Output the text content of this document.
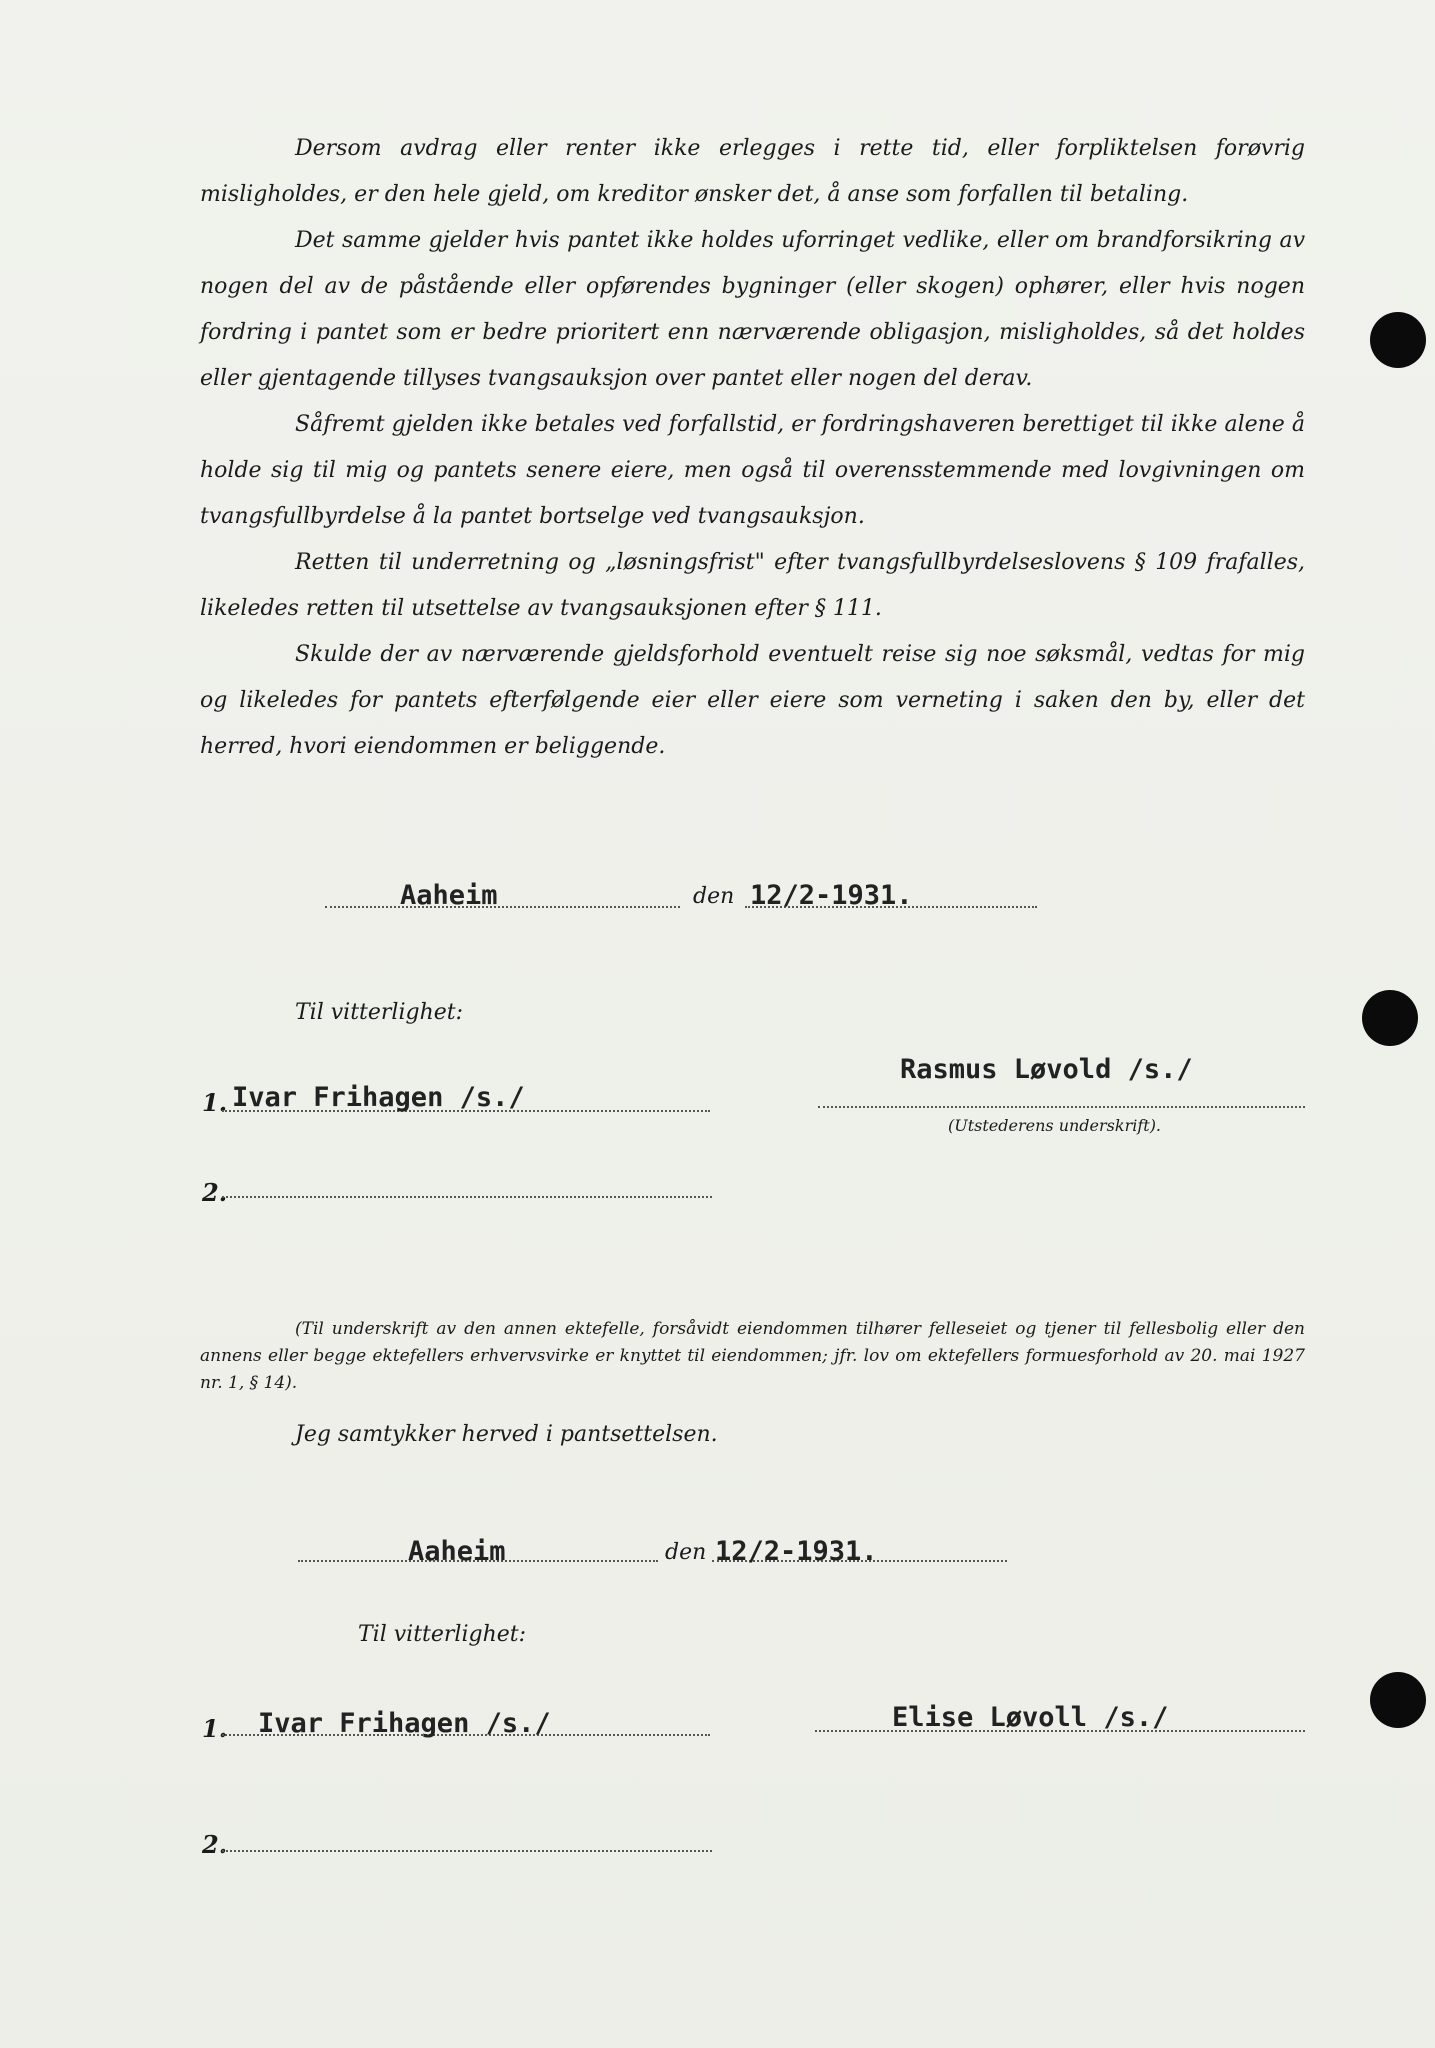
Dersom avdrag eller renter ikke erlegges i rette tid, eller forpliktelsen forøvrig misligholdes, er den hele gjeld, om kreditor ønsker det, å anse som forfallen til betaling.
Det samme gjelder hvis pantet ikke holdes uforringet vedlike, eller om brandforsikring av nogen del av de påstående eller opførendes bygninger (eller skogen) ophører, eller hvis nogen fordring i pantet som er bedre prioritert enn nærværende obligasjon, misligholdes, så det holdes eller gjentagende tillyses tvangsauksjon over pantet eller nogen del derav.
Såfremt gjelden ikke betales ved forfallstid, er fordringshaveren berettiget til ikke alene å holde sig til mig og pantets senere eiere, men også til overensstemmende med lovgivningen om tvangsfullbyrdelse å la pantet bortselge ved tvangsauksjon.
Retten til underretning og „løsningsfrist" efter tvangsfullbyrdelseslovens § 109 frafalles, likeledes retten til utsettelse av tvangsauksjonen efter § 111.
Skulde der av nærværende gjeldsforhold eventuelt reise sig noe søksmål, vedtas for mig og likeledes for pantets efterfølgende eier eller eiere som verneting i saken den by, eller det herred, hvori eiendommen er beliggende.
Aaheim	den 12/2-1931.
Til vitterlighet:
1. Ivar Frihagen /s./
Rasmus Løvold /s./
(Utstederens underskrift).
2.
(Til underskrift av den annen ektefelle, forsåvidt eiendommen tilhører felleseiet og tjener til fellesbolig eller den annens eller begge ektefellers erhvervsvirke er knyttet til eiendommen; jfr. lov om ektefellers formuesforhold av 20. mai 1927 nr. 1, § 14).
Jeg samtykker herved i pantsettelsen.
Aaheim	den 12/2-1931.
Til vitterlighet:
1. Ivar Frihagen /s./	Elise Løvoll /s./
2.
